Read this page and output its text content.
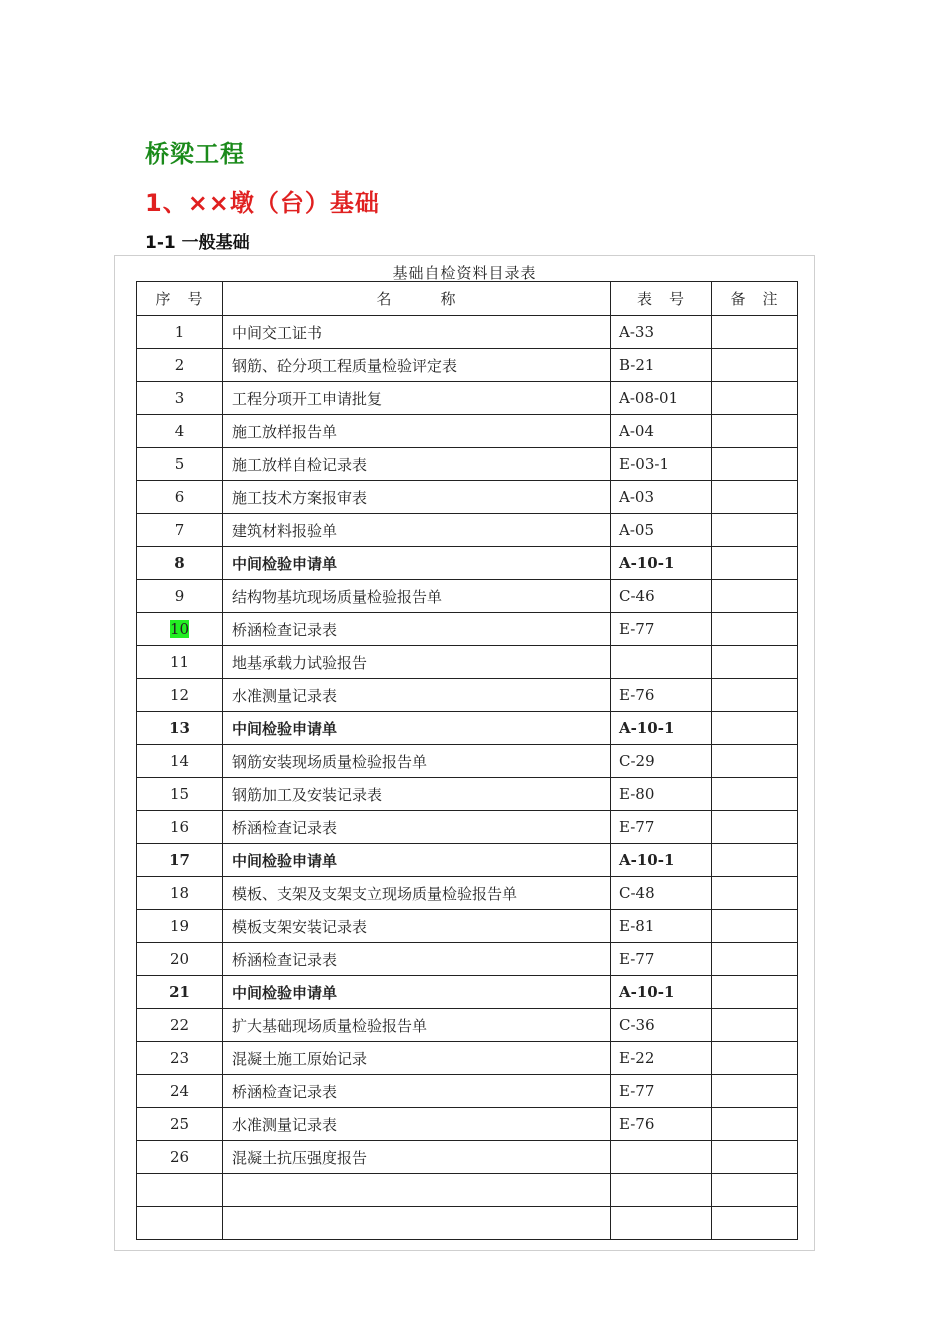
桥梁工程
1、××墩（台）基础
1-1 一般基础
基础自检资料目录表
序　号	名　　　称	表　号	备　注
1	中间交工证书	A-33	
2	钢筋、砼分项工程质量检验评定表	B-21	
3	工程分项开工申请批复	A-08-01	
4	施工放样报告单	A-04	
5	施工放样自检记录表	E-03-1	
6	施工技术方案报审表	A-03	
7	建筑材料报验单	A-05	
8	中间检验申请单	A-10-1	
9	结构物基坑现场质量检验报告单	C-46	
10	桥涵检查记录表	E-77	
11	地基承载力试验报告		
12	水准测量记录表	E-76	
13	中间检验申请单	A-10-1	
14	钢筋安装现场质量检验报告单	C-29	
15	钢筋加工及安装记录表	E-80	
16	桥涵检查记录表	E-77	
17	中间检验申请单	A-10-1	
18	模板、支架及支架支立现场质量检验报告单	C-48	
19	模板支架安装记录表	E-81	
20	桥涵检查记录表	E-77	
21	中间检验申请单	A-10-1	
22	扩大基础现场质量检验报告单	C-36	
23	混凝土施工原始记录	E-22	
24	桥涵检查记录表	E-77	
25	水准测量记录表	E-76	
26	混凝土抗压强度报告		
